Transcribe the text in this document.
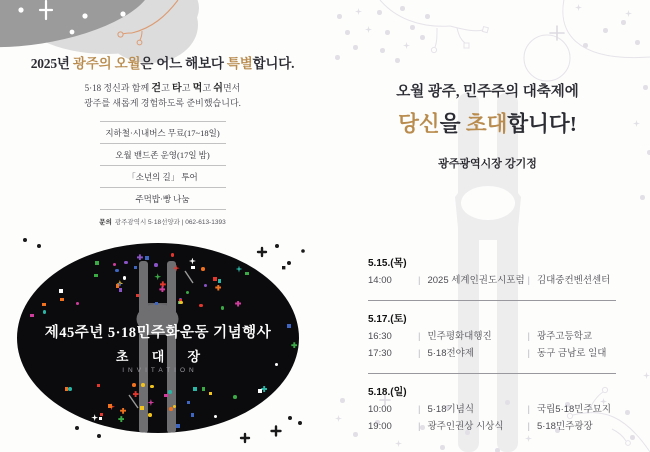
2025년 광주의 오월은 어느 해보다 특별합니다.

5·18 정신과 함께 걷고 타고 먹고 쉬면서
광주를 새롭게 경험하도록 준비했습니다.

지하철·시내버스 무료(17~18일)
오월 밴드존 운영(17일 밤)
「소년의 길」 투어
주먹밥·빵 나눔

문의 광주광역시 5·18선양과 | 062-613-1393

제45주년 5·18민주화운동 기념행사
초 대 장
INVITATION

오월 광주, 민주주의 대축제에

당신을 초대합니다!

광주광역시장 강기정

5.15.(목)
14:00	| 2025 세계인권도시포럼 | 김대중컨벤션센터
5.17.(토)
16:30	| 민주평화대행진	| 광주고등학교
17:30	| 5·18전야제	| 동구 금남로 일대
5.18.(일)
10:00	| 5·18기념식	| 국립5·18민주묘지
19:00	| 광주인권상 시상식	| 5·18민주광장
